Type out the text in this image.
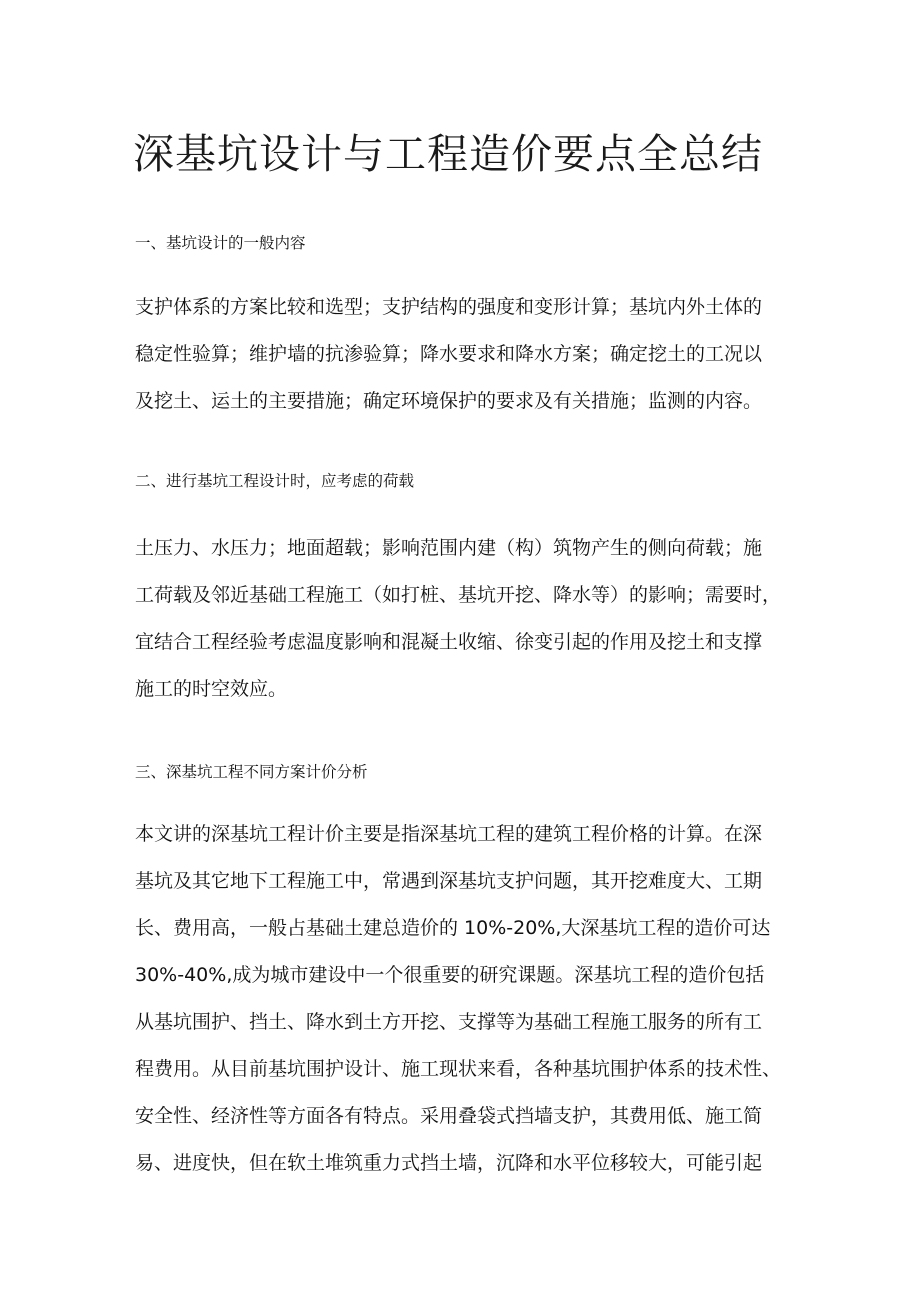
深基坑设计与工程造价要点全总结
一、基坑设计的一般内容
支护体系的方案比较和选型；支护结构的强度和变形计算；基坑内外土体的
稳定性验算；维护墙的抗渗验算；降水要求和降水方案；确定挖土的工况以
及挖土、运土的主要措施；确定环境保护的要求及有关措施；监测的内容。
二、进行基坑工程设计时，应考虑的荷载
土压力、水压力；地面超载；影响范围内建（构）筑物产生的侧向荷载；施
工荷载及邻近基础工程施工（如打桩、基坑开挖、降水等）的影响；需要时，
宜结合工程经验考虑温度影响和混凝土收缩、徐变引起的作用及挖土和支撑
施工的时空效应。
三、深基坑工程不同方案计价分析
本文讲的深基坑工程计价主要是指深基坑工程的建筑工程价格的计算。在深
基坑及其它地下工程施工中，常遇到深基坑支护问题，其开挖难度大、工期
长、费用高，一般占基础土建总造价的 10%-20%,大深基坑工程的造价可达
30%-40%,成为城市建设中一个很重要的研究课题。深基坑工程的造价包括
从基坑围护、挡土、降水到土方开挖、支撑等为基础工程施工服务的所有工
程费用。从目前基坑围护设计、施工现状来看，各种基坑围护体系的技术性、
安全性、经济性等方面各有特点。采用叠袋式挡墙支护，其费用低、施工简
易、进度快，但在软土堆筑重力式挡土墙，沉降和水平位移较大，可能引起
